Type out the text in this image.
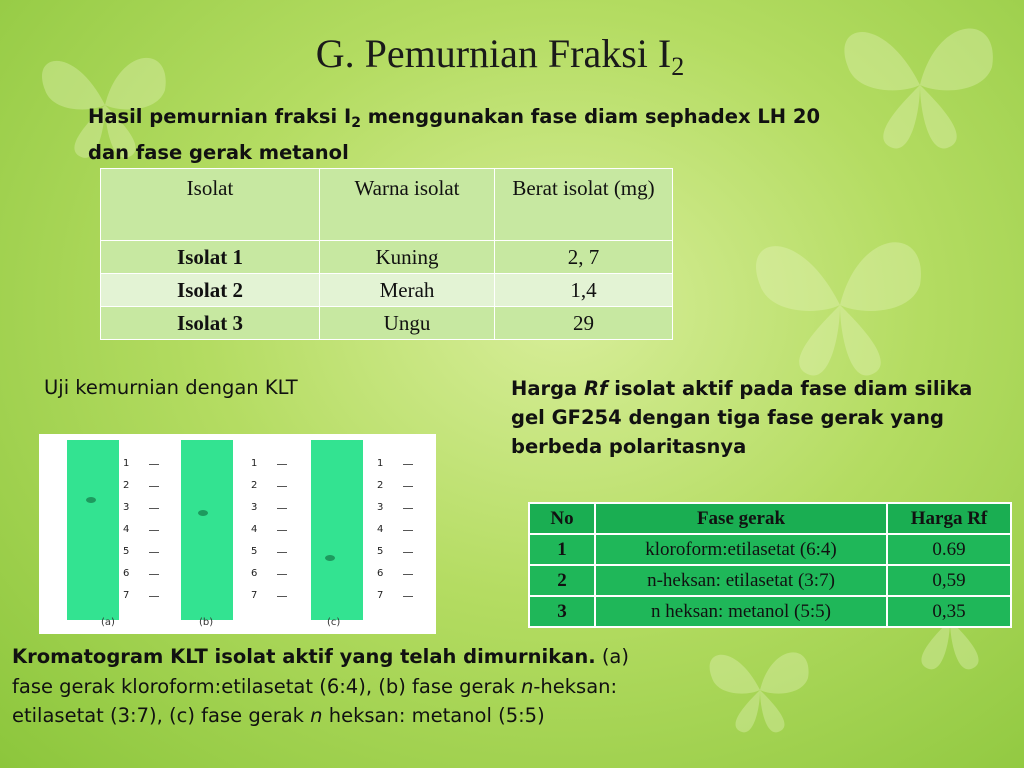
G. Pemurnian Fraksi $I_2$
Hasil pemurnian fraksi $I_2$ menggunakan fase diam sephadex LH 20 dan fase gerak metanol
Isolat	Warna isolat	Berat isolat (mg)
Isolat 1	Kuning	2, 7
Isolat 2	Merah	1,4
Isolat 3	Ungu	29
Uji kemurnian dengan KLT
1
2
3
4
5
6
7
(a)
1
2
3
4
5
6
7
(b)
1
2
3
4
5
6
7
(c)
Harga Rf isolat aktif pada fase diam silika gel GF254 dengan tiga fase gerak yang berbeda polaritasnya
No	Fase gerak	Harga Rf
1	kloroform:etilasetat (6:4)	0.69
2	n-heksan: etilasetat (3:7)	0,59
3	n heksan: metanol (5:5)	0,35
Kromatogram KLT isolat aktif yang telah dimurnikan. (a) fase gerak kloroform:etilasetat (6:4), (b) fase gerak n-heksan: etilasetat (3:7), (c) fase gerak n heksan: metanol (5:5)
